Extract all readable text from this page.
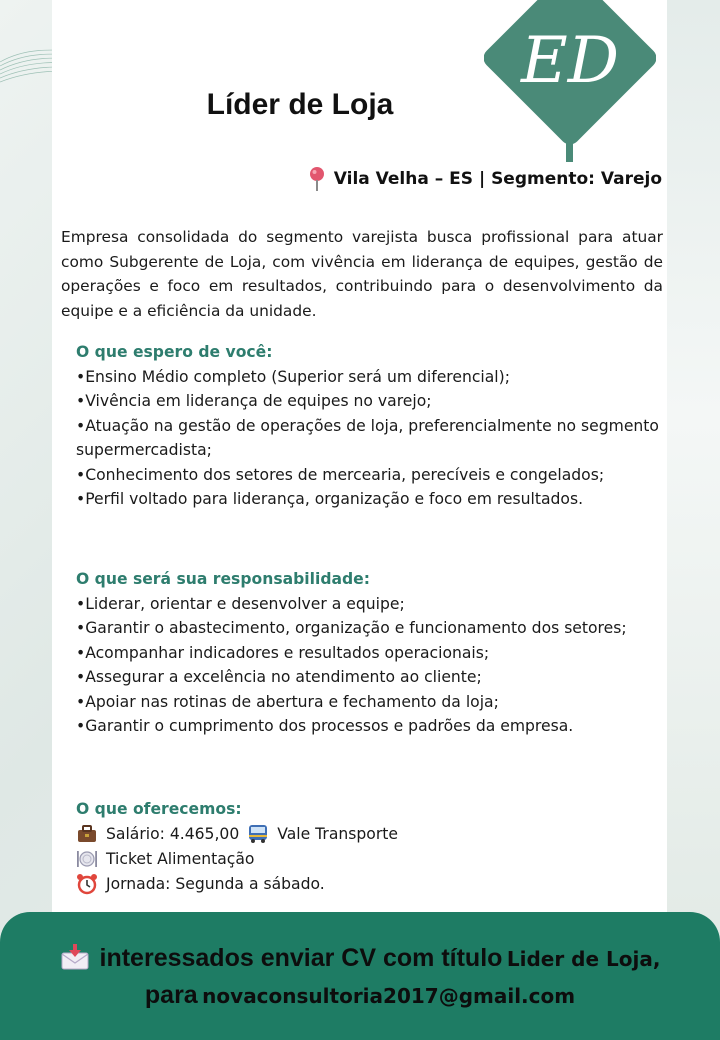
ED
Líder de Loja
Vila Velha – ES | Segmento: Varejo

Empresa consolidada do segmento varejista busca profissional para atuar como Subgerente de Loja, com vivência em liderança de equipes, gestão de operações e foco em resultados, contribuindo para o desenvolvimento da equipe e a eficiência da unidade.

O que espero de você:
•Ensino Médio completo (Superior será um diferencial);
•Vivência em liderança de equipes no varejo;
•Atuação na gestão de operações de loja, preferencialmente no segmento supermercadista;
•Conhecimento dos setores de mercearia, perecíveis e congelados;
•Perfil voltado para liderança, organização e foco em resultados.
O que será sua responsabilidade:
•Liderar, orientar e desenvolver a equipe;
•Garantir o abastecimento, organização e funcionamento dos setores;
•Acompanhar indicadores e resultados operacionais;
•Assegurar a excelência no atendimento ao cliente;
•Apoiar nas rotinas de abertura e fechamento da loja;
•Garantir o cumprimento dos processos e padrões da empresa.
O que oferecemos:
Salário: 4.465,00 Vale Transporte
Ticket Alimentação
Jornada: Segunda a sábado.
interessados enviar CV com título Lider de Loja,
para novaconsultoria2017@gmail.com
